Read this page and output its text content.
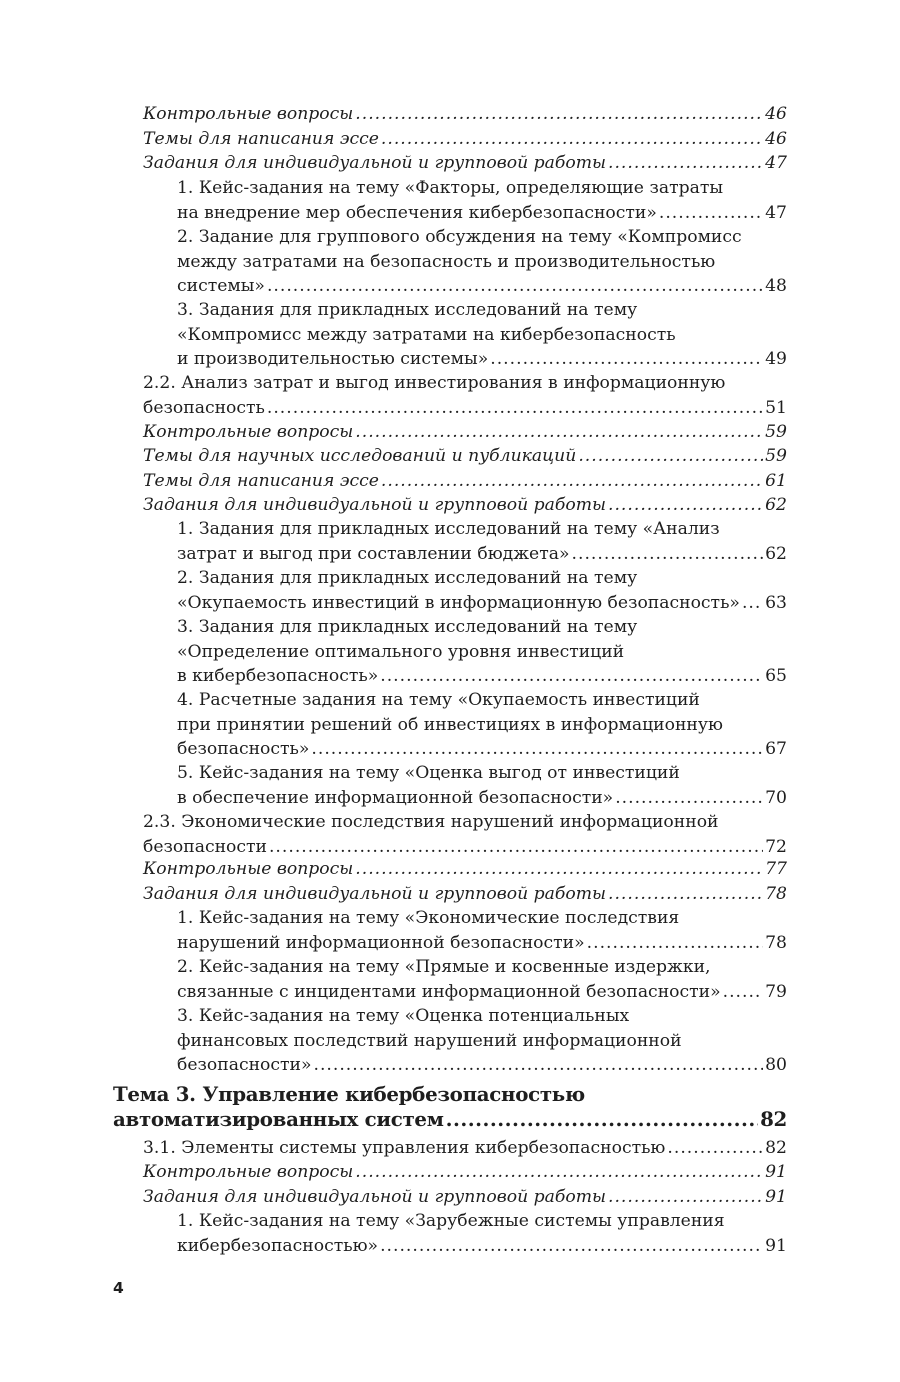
Контрольные вопросы .....	46
Темы для написания эссе .....	46
Задания для индивидуальной и групповой работы .....	47
1. Кейс-задания на тему «Факторы, определяющие затраты
на внедрение мер обеспечения кибербезопасности» .....	47
2. Задание для группового обсуждения на тему «Компромисс
между затратами на безопасность и производительностью
системы» .....	48
3. Задания для прикладных исследований на тему
«Компромисс между затратами на кибербезопасность
и производительностью системы» .....	49
2.2. Анализ затрат и выгод инвестирования в информационную
безопасность .....	51
Контрольные вопросы .....	59
Темы для научных исследований и публикаций .....	59
Темы для написания эссе .....	61
Задания для индивидуальной и групповой работы .....	62
1. Задания для прикладных исследований на тему «Анализ
затрат и выгод при составлении бюджета» .....	62
2. Задания для прикладных исследований на тему
«Окупаемость инвестиций в информационную безопасность» ..... 63
3. Задания для прикладных исследований на тему
«Определение оптимального уровня инвестиций
в кибербезопасность» .....	65
4. Расчетные задания на тему «Окупаемость инвестиций
при принятии решений об инвестициях в информационную
безопасность» .....	67
5. Кейс-задания на тему «Оценка выгод от инвестиций
в обеспечение информационной безопасности» .....	70
2.3. Экономические последствия нарушений информационной
безопасности .....	72
Контрольные вопросы .....	77
Задания для индивидуальной и групповой работы .....	78
1. Кейс-задания на тему «Экономические последствия
нарушений информационной безопасности» .....	78
2. Кейс-задания на тему «Прямые и косвенные издержки,
связанные с инцидентами информационной безопасности» .....	79
3. Кейс-задания на тему «Оценка потенциальных
финансовых последствий нарушений информационной
безопасности» .....	80
Тема 3. Управление кибербезопасностью
автоматизированных систем .....	82
3.1. Элементы системы управления кибербезопасностью .....	82
Контрольные вопросы .....	91
Задания для индивидуальной и групповой работы .....	91
1. Кейс-задания на тему «Зарубежные системы управления
кибербезопасностью» .....	91
4
